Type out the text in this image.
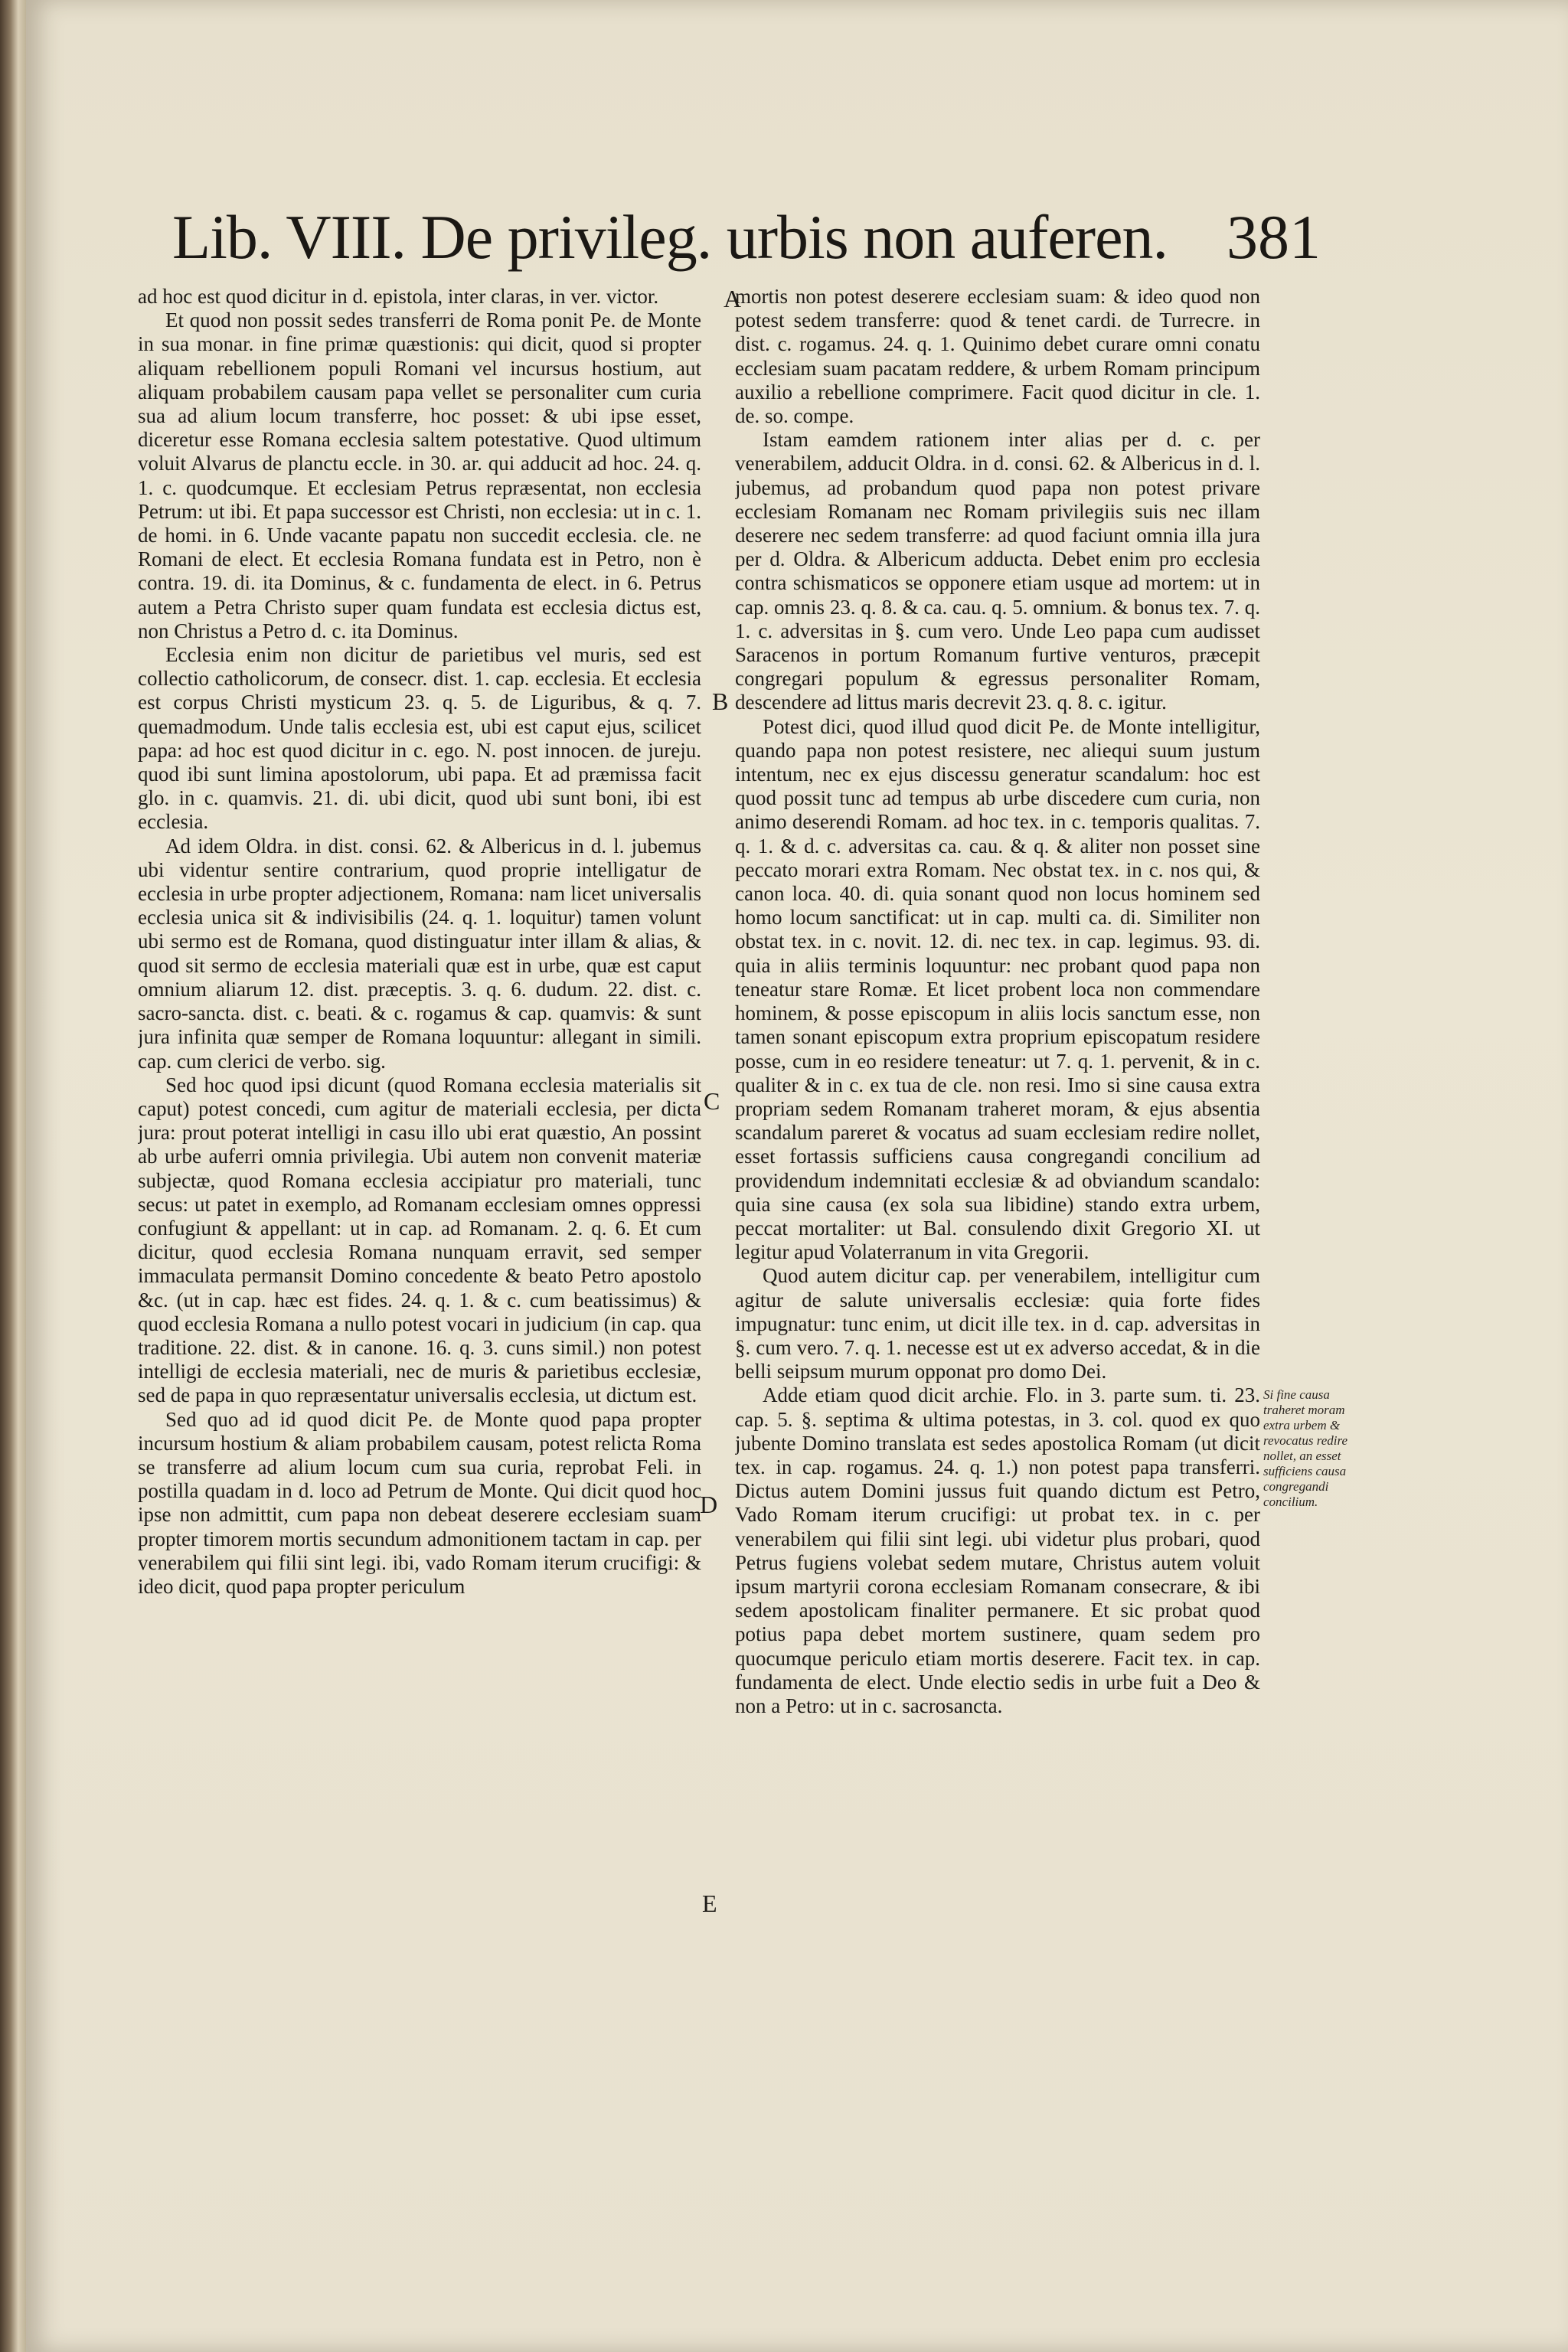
Lib. VIII. De privileg. urbis non auferen. 381

ad hoc est quod dicitur in d. epistola, inter claras, in ver. victor.

Et quod non possit sedes transferri de Roma ponit Pe. de Monte in sua monar. in fine primæ quæstionis: qui dicit, quod si propter aliquam rebellionem populi Romani vel incursus hostium, aut aliquam probabilem causam papa vellet se personaliter cum curia sua ad alium locum transferre, hoc posset: & ubi ipse esset, diceretur esse Romana ecclesia saltem potestative. Quod ultimum voluit Alvarus de planctu eccle. in 30. ar. qui adducit ad hoc. 24. q. 1. c. quodcumque. Et ecclesiam Petrus repræsentat, non ecclesia Petrum: ut ibi. Et papa successor est Christi, non ecclesia: ut in c. 1. de homi. in 6. Unde vacante papatu non succedit ecclesia. cle. ne Romani de elect. Et ecclesia Romana fundata est in Petro, non è contra. 19. di. ita Dominus, & c. fundamenta de elect. in 6. Petrus autem a Petra Christo super quam fundata est ecclesia dictus est, non Christus a Petro d. c. ita Dominus.

Ecclesia enim non dicitur de parietibus vel muris, sed est collectio catholicorum, de consecr. dist. 1. cap. ecclesia. Et ecclesia est corpus Christi mysticum 23. q. 5. de Liguribus, & q. 7. quemadmodum. Unde talis ecclesia est, ubi est caput ejus, scilicet papa: ad hoc est quod dicitur in c. ego. N. post innocen. de jureju. quod ibi sunt limina apostolorum, ubi papa. Et ad præmissa facit glo. in c. quamvis. 21. di. ubi dicit, quod ubi sunt boni, ibi est ecclesia.

Ad idem Oldra. in dist. consi. 62. & Albericus in d. l. jubemus ubi videntur sentire contrarium, quod proprie intelligatur de ecclesia in urbe propter adjectionem, Romana: nam licet universalis ecclesia unica sit & indivisibilis (24. q. 1. loquitur) tamen volunt ubi sermo est de Romana, quod distinguatur inter illam & alias, & quod sit sermo de ecclesia materiali quæ est in urbe, quæ est caput omnium aliarum 12. dist. præceptis. 3. q. 6. dudum. 22. dist. c. sacro-sancta. dist. c. beati. & c. rogamus & cap. quamvis: & sunt jura infinita quæ semper de Romana loquuntur: allegant in simili. cap. cum clerici de verbo. sig.

Sed hoc quod ipsi dicunt (quod Romana ecclesia materialis sit caput) potest concedi, cum agitur de materiali ecclesia, per dicta jura: prout poterat intelligi in casu illo ubi erat quæstio, An possint ab urbe auferri omnia privilegia. Ubi autem non convenit materiæ subjectæ, quod Romana ecclesia accipiatur pro materiali, tunc secus: ut patet in exemplo, ad Romanam ecclesiam omnes oppressi confugiunt & appellant: ut in cap. ad Romanam. 2. q. 6. Et cum dicitur, quod ecclesia Romana nunquam erravit, sed semper immaculata permansit Domino concedente & beato Petro apostolo &c. (ut in cap. hæc est fides. 24. q. 1. & c. cum beatissimus) & quod ecclesia Romana a nullo potest vocari in judicium (in cap. qua traditione. 22. dist. & in canone. 16. q. 3. cuns simil.) non potest intelligi de ecclesia materiali, nec de muris & parietibus ecclesiæ, sed de papa in quo repræsentatur universalis ecclesia, ut dictum est.

Sed quo ad id quod dicit Pe. de Monte quod papa propter incursum hostium & aliam probabilem causam, potest relicta Roma se transferre ad alium locum cum sua curia, reprobat Feli. in postilla quadam in d. loco ad Petrum de Monte. Qui dicit quod hoc ipse non admittit, cum papa non debeat deserere ecclesiam suam propter timorem mortis secundum admonitionem tactam in cap. per venerabilem qui filii sint legi. ibi, vado Romam iterum crucifigi: & ideo dicit, quod papa propter periculum

A
B
C
D
E

mortis non potest deserere ecclesiam suam: & ideo quod non potest sedem transferre: quod & tenet cardi. de Turrecre. in dist. c. rogamus. 24. q. 1. Quinimo debet curare omni conatu ecclesiam suam pacatam reddere, & urbem Romam principum auxilio a rebellione comprimere. Facit quod dicitur in cle. 1. de. so. compe.

Istam eamdem rationem inter alias per d. c. per venerabilem, adducit Oldra. in d. consi. 62. & Albericus in d. l. jubemus, ad probandum quod papa non potest privare ecclesiam Romanam nec Romam privilegiis suis nec illam deserere nec sedem transferre: ad quod faciunt omnia illa jura per d. Oldra. & Albericum adducta. Debet enim pro ecclesia contra schismaticos se opponere etiam usque ad mortem: ut in cap. omnis 23. q. 8. & ca. cau. q. 5. omnium. & bonus tex. 7. q. 1. c. adversitas in §. cum vero. Unde Leo papa cum audisset Saracenos in portum Romanum furtive venturos, præcepit congregari populum & egressus personaliter Romam, descendere ad littus maris decrevit 23. q. 8. c. igitur.

Potest dici, quod illud quod dicit Pe. de Monte intelligitur, quando papa non potest resistere, nec aliequi suum justum intentum, nec ex ejus discessu generatur scandalum: hoc est quod possit tunc ad tempus ab urbe discedere cum curia, non animo deserendi Romam. ad hoc tex. in c. temporis qualitas. 7. q. 1. & d. c. adversitas ca. cau. & q. & aliter non posset sine peccato morari extra Romam. Nec obstat tex. in c. nos qui, & canon loca. 40. di. quia sonant quod non locus hominem sed homo locum sanctificat: ut in cap. multi ca. di. Similiter non obstat tex. in c. novit. 12. di. nec tex. in cap. legimus. 93. di. quia in aliis terminis loquuntur: nec probant quod papa non teneatur stare Romæ. Et licet probent loca non commendare hominem, & posse episcopum in aliis locis sanctum esse, non tamen sonant episcopum extra proprium episcopatum residere posse, cum in eo residere teneatur: ut 7. q. 1. pervenit, & in c. qualiter & in c. ex tua de cle. non resi. Imo si sine causa extra propriam sedem Romanam traheret moram, & ejus absentia scandalum pareret & vocatus ad suam ecclesiam redire nollet, esset fortassis sufficiens causa congregandi concilium ad providendum indemnitati ecclesiæ & ad obviandum scandalo: quia sine causa (ex sola sua libidine) stando extra urbem, peccat mortaliter: ut Bal. consulendo dixit Gregorio XI. ut legitur apud Volaterranum in vita Gregorii.

Quod autem dicitur cap. per venerabilem, intelligitur cum agitur de salute universalis ecclesiæ: quia forte fides impugnatur: tunc enim, ut dicit ille tex. in d. cap. adversitas in §. cum vero. 7. q. 1. necesse est ut ex adverso accedat, & in die belli seipsum murum opponat pro domo Dei.

Adde etiam quod dicit archie. Flo. in 3. parte sum. ti. 23. cap. 5. §. septima & ultima potestas, in 3. col. quod ex quo jubente Domino translata est sedes apostolica Romam (ut dicit tex. in cap. rogamus. 24. q. 1.) non potest papa transferri. Dictus autem Domini jussus fuit quando dictum est Petro, Vado Romam iterum crucifigi: ut probat tex. in c. per venerabilem qui filii sint legi. ubi videtur plus probari, quod Petrus fugiens volebat sedem mutare, Christus autem voluit ipsum martyrii corona ecclesiam Romanam consecrare, & ibi sedem apostolicam finaliter permanere. Et sic probat quod potius papa debet mortem sustinere, quam sedem pro quocumque periculo etiam mortis deserere. Facit tex. in cap. fundamenta de elect. Unde electio sedis in urbe fuit a Deo & non a Petro: ut in c. sacrosancta.

Si fine causa traheret moram extra urbem & revocatus redire nollet, an esset sufficiens causa congregandi concilium.
